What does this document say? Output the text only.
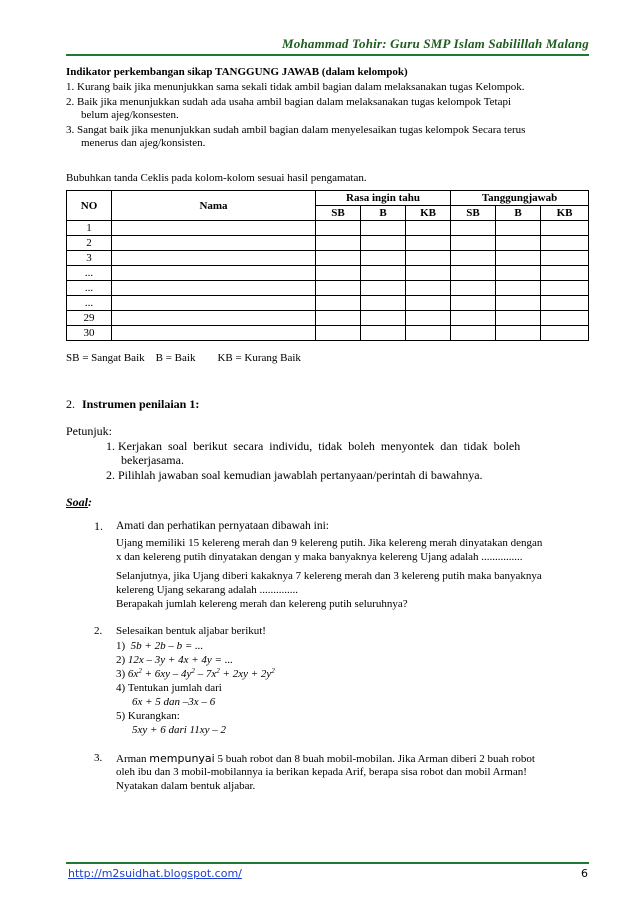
Mohammad Tohir: Guru SMP Islam Sabilillah Malang
Indikator perkembangan sikap TANGGUNG JAWAB (dalam kelompok)
1. Kurang baik jika menunjukkan sama sekali tidak ambil bagian dalam melaksanakan tugas Kelompok.
2. Baik jika menunjukkan sudah ada usaha ambil bagian dalam melaksanakan tugas kelompok Tetapi
belum ajeg/konsesten.
3. Sangat baik jika menunjukkan sudah ambil bagian dalam menyelesaikan tugas kelompok Secara terus
menerus dan ajeg/konsisten.
Bubuhkan tanda Ceklis pada kolom-kolom sesuai hasil pengamatan.
NO	Nama	Rasa ingin tahu			Tanggungjawab		
		SB	B	KB	SB	B	KB
1							
2							
3							
...							
...							
...							
29							
30							
SB = Sangat Baik    B = Baik        KB = Kurang Baik
2. Instrumen penilaian 1:
Petunjuk:
1. Kerjakan  soal  berikut  secara  individu,  tidak  boleh  menyontek  dan  tidak  boleh
bekerjasama.
2. Pilihlah jawaban soal kemudian jawablah pertanyaan/perintah di bawahnya.
Soal:
1. Amati dan perhatikan pernyataan dibawah ini:
Ujang memiliki 15 kelereng merah dan 9 kelereng putih. Jika kelereng merah dinyatakan dengan
x dan kelereng putih dinyatakan dengan y maka banyaknya kelereng Ujang adalah ...............
Selanjutnya, jika Ujang diberi kakaknya 7 kelereng merah dan 3 kelereng putih maka banyaknya
kelereng Ujang sekarang adalah ..............
Berapakah jumlah kelereng merah dan kelereng putih seluruhnya?
2. Selesaikan bentuk aljabar berikut!
1) 5b + 2b – b = ...
2) 12x – 3y + 4x + 4y = ...
3) $6x^2 + 6xy - 4y^2 - 7x^2 + 2xy + 2y^2$
4) Tentukan jumlah dari
6x + 5 dan –3x – 6
5) Kurangkan:
5xy + 6 dari 11xy – 2
3. Arman mempunyai 5 buah robot dan 8 buah mobil-mobilan. Jika Arman diberi 2 buah robot
oleh ibu dan 3 mobil-mobilannya ia berikan kepada Arif, berapa sisa robot dan mobil Arman!
Nyatakan dalam bentuk aljabar.
http://m2suidhat.blogspot.com/	6
